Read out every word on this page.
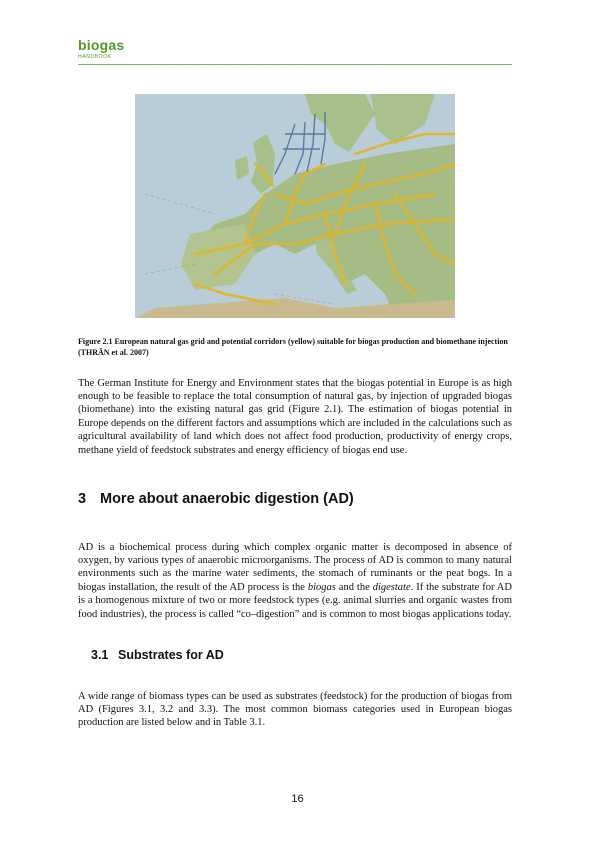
biogas
HANDBOOK
Figure 2.1 European natural gas grid and potential corridors (yellow) suitable for biogas production and biomethane injection (THRÄN et al. 2007)

The German Institute for Energy and Environment states that the biogas potential in Europe is as high enough to be feasible to replace the total consumption of natural gas, by injection of upgraded biogas (biomethane) into the existing natural gas grid (Figure 2.1). The estimation of biogas potential in Europe depends on the different factors and assumptions which are included in the calculations such as agricultural availability of land which does not affect food production, productivity of energy crops, methane yield of feedstock substrates and energy efficiency of biogas end use.

3 More about anaerobic digestion (AD)

AD is a biochemical process during which complex organic matter is decomposed in absence of oxygen, by various types of anaerobic microorganisms. The process of AD is common to many natural environments such as the marine water sediments, the stomach of ruminants or the peat bogs. In a biogas installation, the result of the AD process is the biogas and the digestate. If the substrate for AD is a homogenous mixture of two or more feedstock types (e.g. animal slurries and organic wastes from food industries), the process is called “co–digestion” and is common to most biogas applications today.

3.1 Substrates for AD

A wide range of biomass types can be used as substrates (feedstock) for the production of biogas from AD (Figures 3.1, 3.2 and 3.3). The most common biomass categories used in European biogas production are listed below and in Table 3.1.

16
